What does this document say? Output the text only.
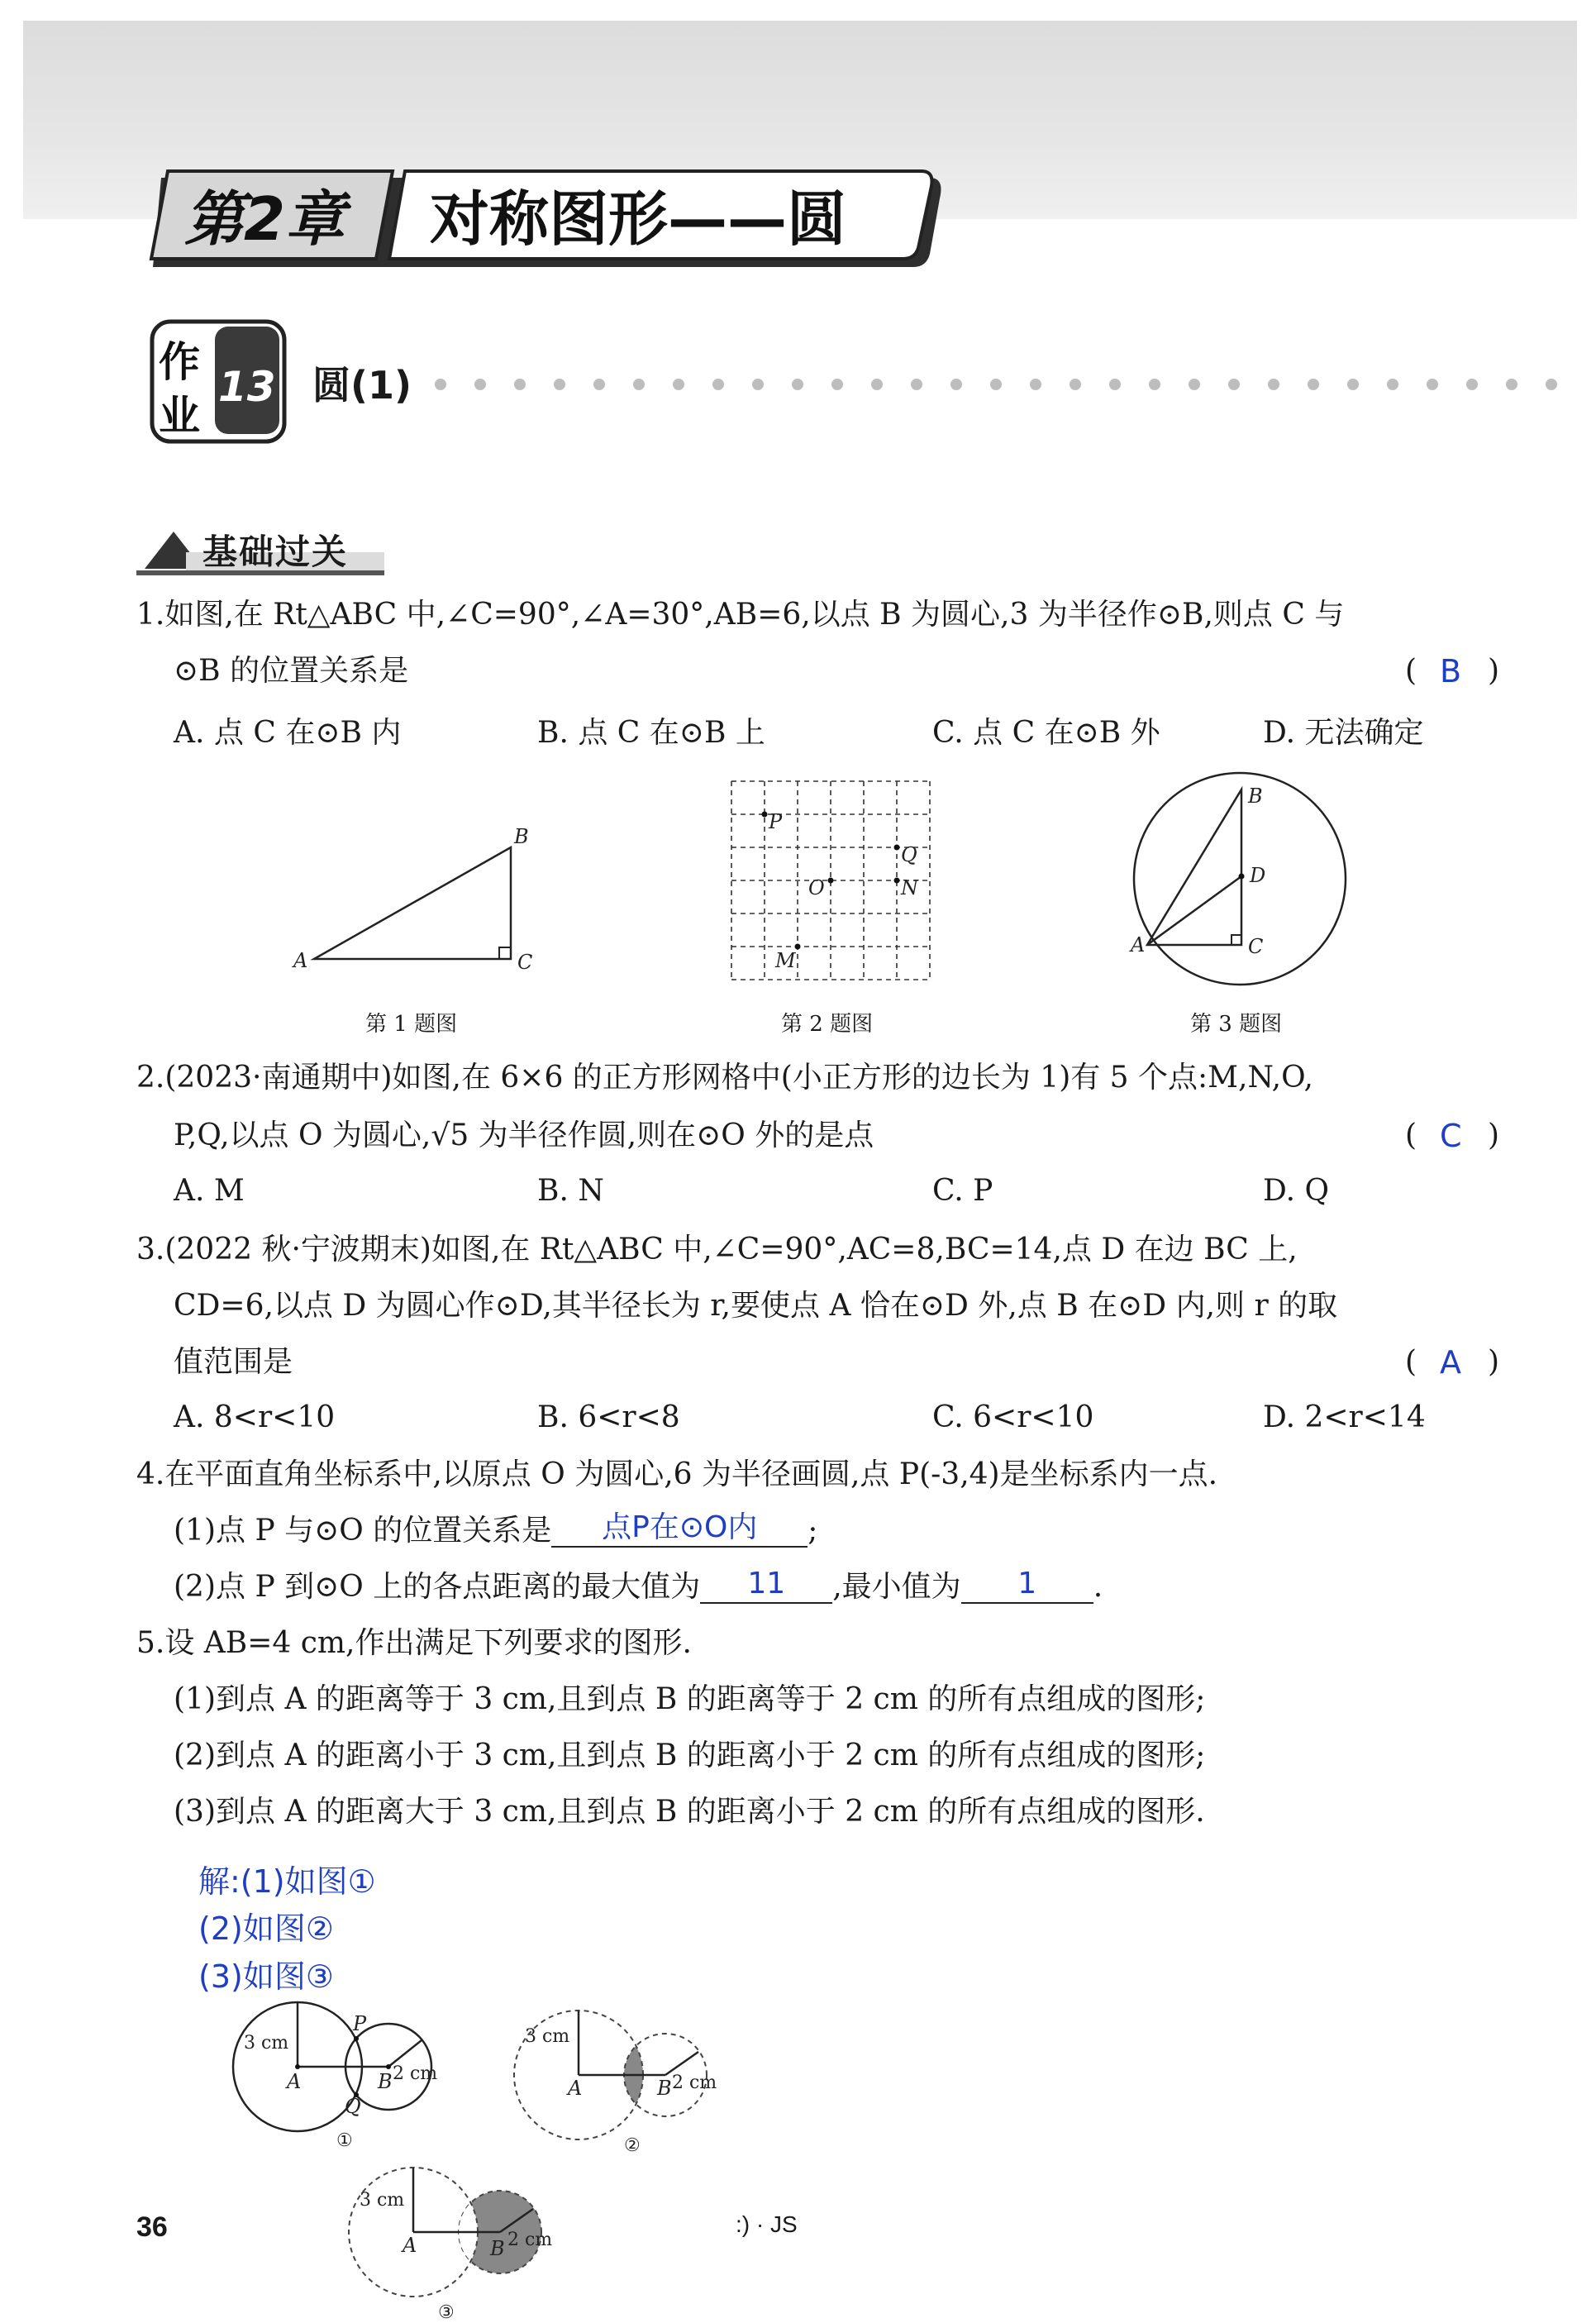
第2章 对称图形——圆
作
业
13 圆(1)
基础过关
1.如图,在 Rt△ABC 中,∠C=90°,∠A=30°,AB=6,以点 B 为圆心,3 为半径作⊙B,则点 C 与
⊙B 的位置关系是	( B )
A. 点 C 在⊙B 内	B. 点 C 在⊙B 上	C. 点 C 在⊙B 外	D. 无法确定
A
B
C
第 1 题图
P
Q
O	N
M
第 2 题图
B
D
A	C
第 3 题图
2.(2023·南通期中)如图,在 6×6 的正方形网格中(小正方形的边长为 1)有 5 个点:M,N,O,
P,Q,以点 O 为圆心,√5 为半径作圆,则在⊙O 外的是点	( C )
A. M	B. N	C. P	D. Q
3.(2022 秋·宁波期末)如图,在 Rt△ABC 中,∠C=90°,AC=8,BC=14,点 D 在边 BC 上,
CD=6,以点 D 为圆心作⊙D,其半径长为 r,要使点 A 恰在⊙D 外,点 B 在⊙D 内,则 r 的取
值范围是	( A )
A. 8<r<10	B. 6<r<8	C. 6<r<10	D. 2<r<14
4.在平面直角坐标系中,以原点 O 为圆心,6 为半径画圆,点 P(-3,4)是坐标系内一点.
(1)点 P 与⊙O 的位置关系是 点P在⊙O内 ;
(2)点 P 到⊙O 上的各点距离的最大值为 11 ,最小值为 1 .
5.设 AB=4 cm,作出满足下列要求的图形.
(1)到点 A 的距离等于 3 cm,且到点 B 的距离等于 2 cm 的所有点组成的图形;
(2)到点 A 的距离小于 3 cm,且到点 B 的距离小于 2 cm 的所有点组成的图形;
(3)到点 A 的距离大于 3 cm,且到点 B 的距离小于 2 cm 的所有点组成的图形.
解:(1)如图①
(2)如图②
(3)如图③
3 cm
2 cm
A	B
P
Q
①
3 cm
2 cm
A	B
②
3 cm
2 cm
A	B
③
36	:) · JS
